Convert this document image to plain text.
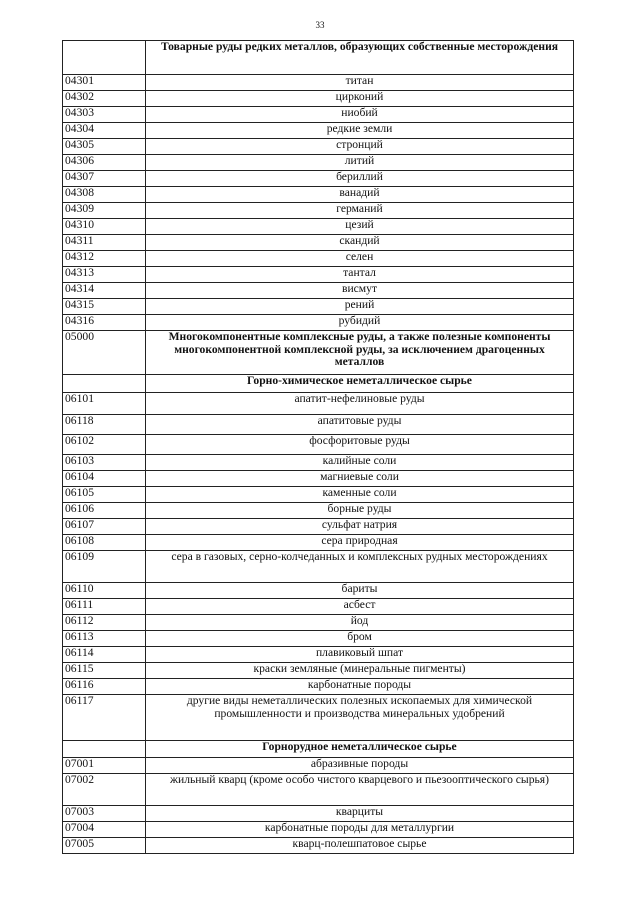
33
	Товарные руды редких металлов, образующих собственные месторождения
04301	титан
04302	цирконий
04303	ниобий
04304	редкие земли
04305	стронций
04306	литий
04307	бериллий
04308	ванадий
04309	германий
04310	цезий
04311	скандий
04312	селен
04313	тантал
04314	висмут
04315	рений
04316	рубидий
05000	Многокомпонентные комплексные руды, а также полезные компоненты многокомпонентной комплексной руды, за исключением драгоценных металлов
	Горно-химическое неметаллическое сырье
06101	апатит-нефелиновые руды
06118	апатитовые руды
06102	фосфоритовые руды
06103	калийные соли
06104	магниевые соли
06105	каменные соли
06106	борные руды
06107	сульфат натрия
06108	сера природная
06109	сера в газовых, серно-колчеданных и комплексных рудных месторождениях
06110	бариты
06111	асбест
06112	йод
06113	бром
06114	плавиковый шпат
06115	краски земляные (минеральные пигменты)
06116	карбонатные породы
06117	другие виды неметаллических полезных ископаемых для химической промышленности и производства минеральных удобрений
	Горнорудное неметаллическое сырье
07001	абразивные породы
07002	жильный кварц (кроме особо чистого кварцевого и пьезооптического сырья)
07003	кварциты
07004	карбонатные породы для металлургии
07005	кварц-полешпатовое сырье
